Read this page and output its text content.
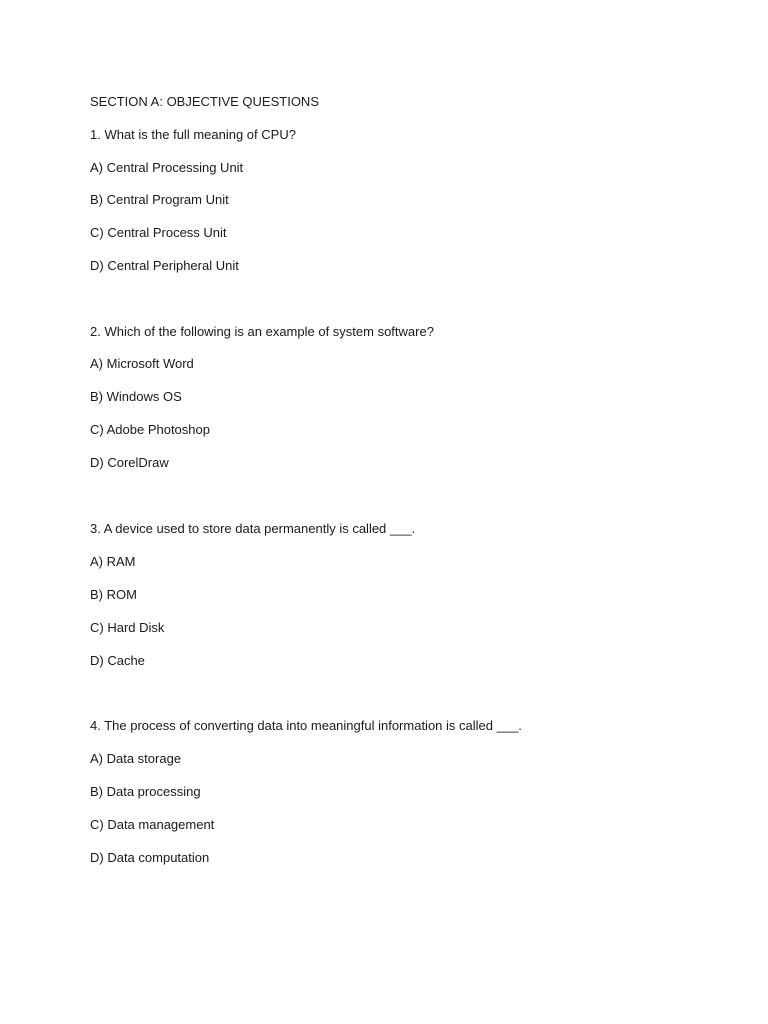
SECTION A: OBJECTIVE QUESTIONS
1. What is the full meaning of CPU?
A) Central Processing Unit
B) Central Program Unit
C) Central Process Unit
D) Central Peripheral Unit
2. Which of the following is an example of system software?
A) Microsoft Word
B) Windows OS
C) Adobe Photoshop
D) CorelDraw
3. A device used to store data permanently is called ___.
A) RAM
B) ROM
C) Hard Disk
D) Cache
4. The process of converting data into meaningful information is called ___.
A) Data storage
B) Data processing
C) Data management
D) Data computation
